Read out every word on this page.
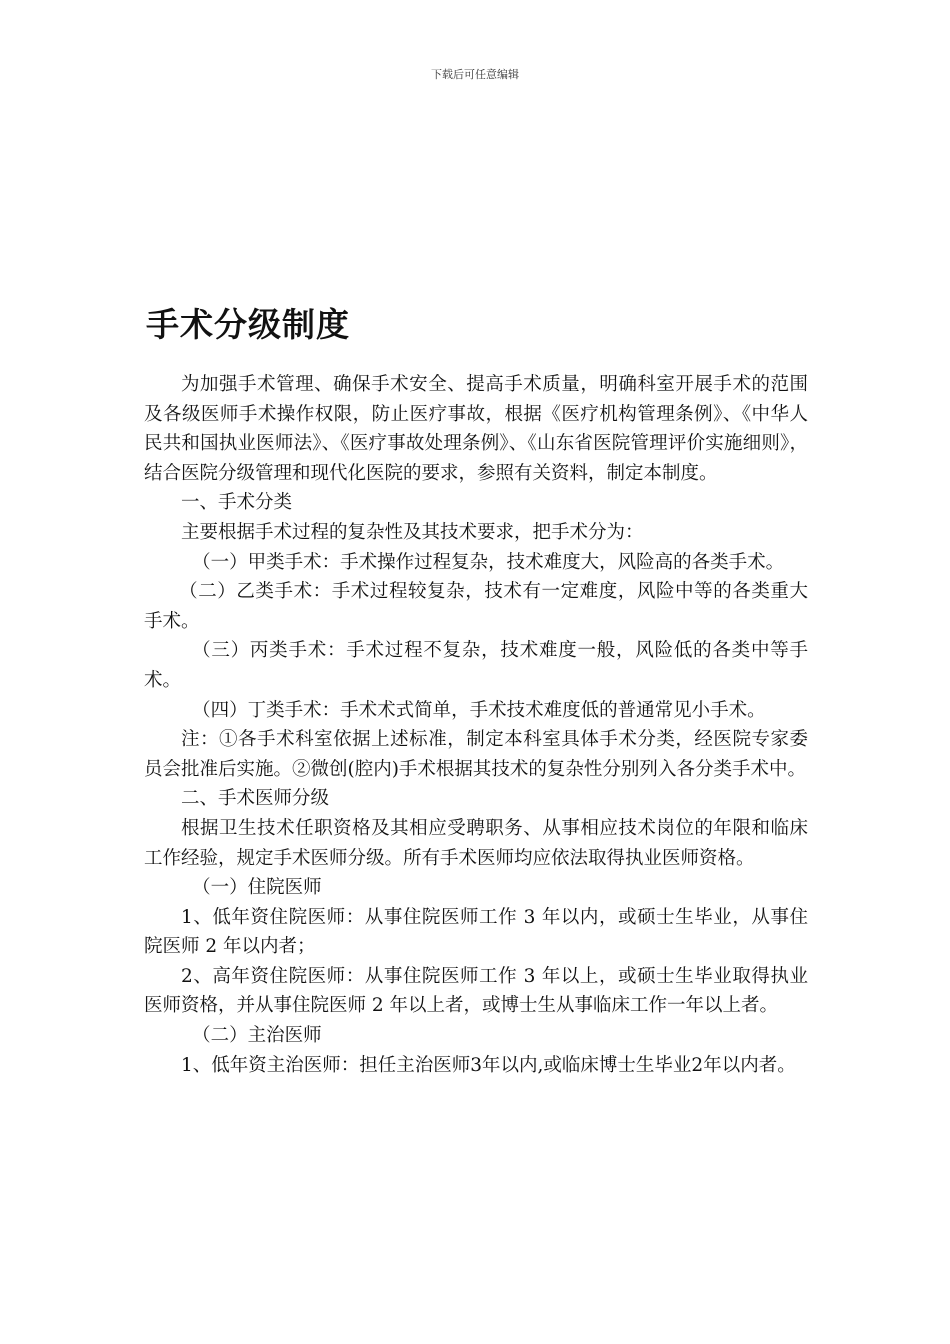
下载后可任意编辑
手术分级制度

为加强手术管理、确保手术安全、提高手术质量，明确科室开展手术的范围及各级医师手术操作权限，防止医疗事故，根据《医疗机构管理条例》、《中华人民共和国执业医师法》、《医疗事故处理条例》、《山东省医院管理评价实施细则》，结合医院分级管理和现代化医院的要求，参照有关资料，制定本制度。

一、手术分类

主要根据手术过程的复杂性及其技术要求，把手术分为：

（一）甲类手术：手术操作过程复杂，技术难度大，风险高的各类手术。

（二）乙类手术：手术过程较复杂，技术有一定难度，风险中等的各类重大手术。

（三）丙类手术：手术过程不复杂，技术难度一般，风险低的各类中等手术。

（四）丁类手术：手术术式简单，手术技术难度低的普通常见小手术。

注：①各手术科室依据上述标准，制定本科室具体手术分类，经医院专家委员会批准后实施。②微创(腔内)手术根据其技术的复杂性分别列入各分类手术中。

二、手术医师分级

根据卫生技术任职资格及其相应受聘职务、从事相应技术岗位的年限和临床工作经验，规定手术医师分级。所有手术医师均应依法取得执业医师资格。

（一）住院医师

1、低年资住院医师：从事住院医师工作 3 年以内，或硕士生毕业，从事住院医师 2 年以内者；

2、高年资住院医师：从事住院医师工作 3 年以上，或硕士生毕业取得执业医师资格，并从事住院医师 2 年以上者，或博士生从事临床工作一年以上者。

（二）主治医师

1、低年资主治医师：担任主治医师3年以内,或临床博士生毕业2年以内者。
